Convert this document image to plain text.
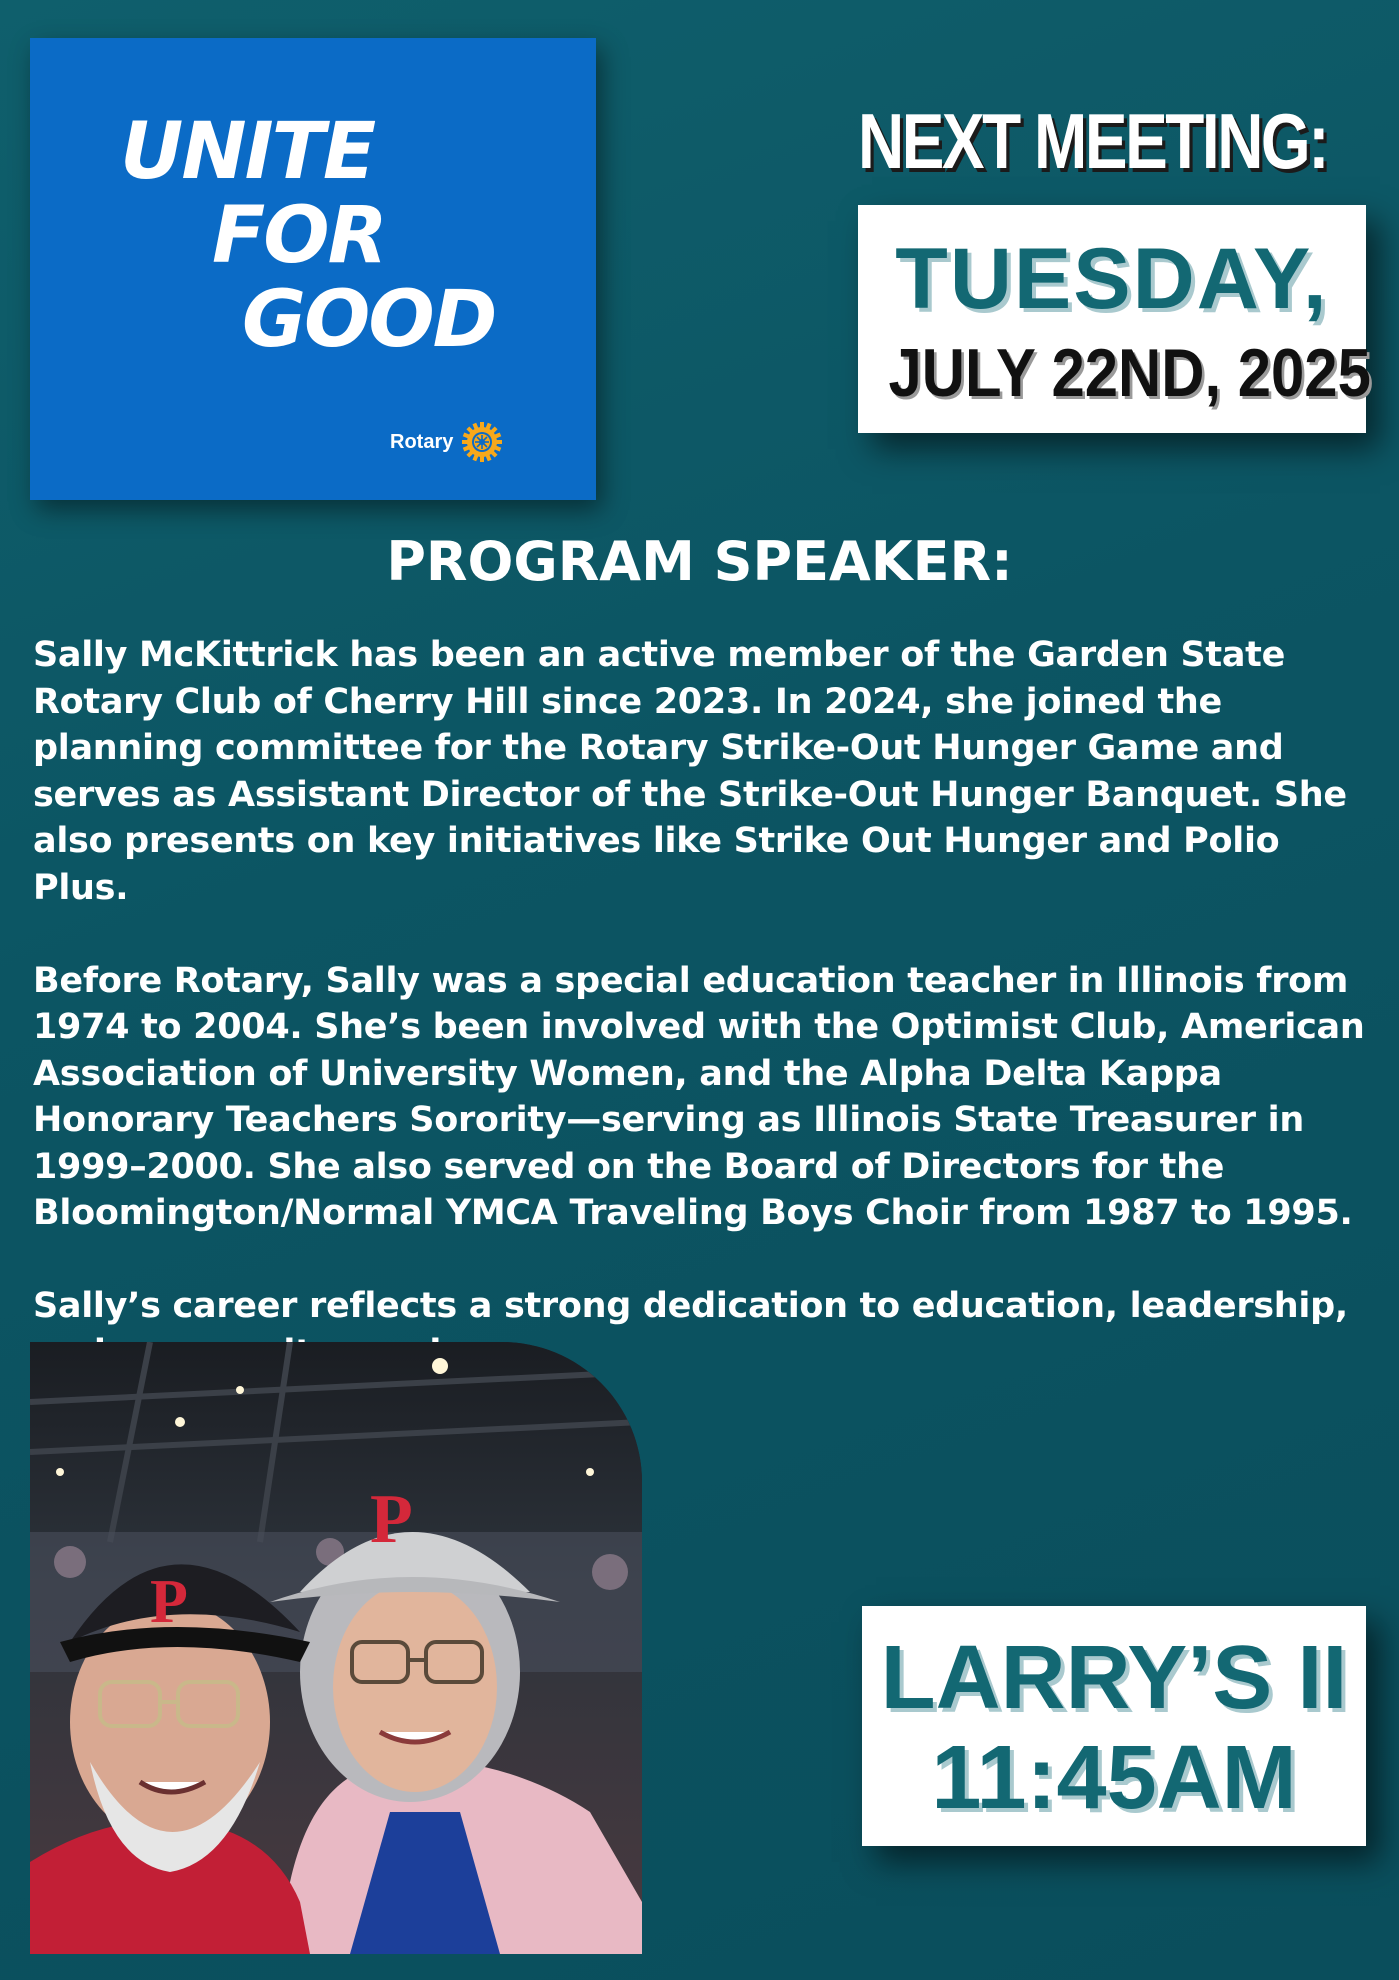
UNITE
FOR
GOOD
Rotary
NEXT MEETING:
TUESDAY,
JULY 22ND, 2025
PROGRAM SPEAKER:

Sally McKittrick has been an active member of the Garden State Rotary Club of Cherry Hill since 2023. In 2024, she joined the planning committee for the Rotary Strike-Out Hunger Game and serves as Assistant Director of the Strike-Out Hunger Banquet. She also presents on key initiatives like Strike Out Hunger and Polio Plus.

Before Rotary, Sally was a special education teacher in Illinois from 1974 to 2004. She’s been involved with the Optimist Club, American Association of University Women, and the Alpha Delta Kappa Honorary Teachers Sorority—serving as Illinois State Treasurer in 1999–2000. She also served on the Board of Directors for the Bloomington/Normal YMCA Traveling Boys Choir from 1987 to 1995.

Sally’s career reflects a strong dedication to education, leadership,

P
P
LARRY’S II
11:45AM
